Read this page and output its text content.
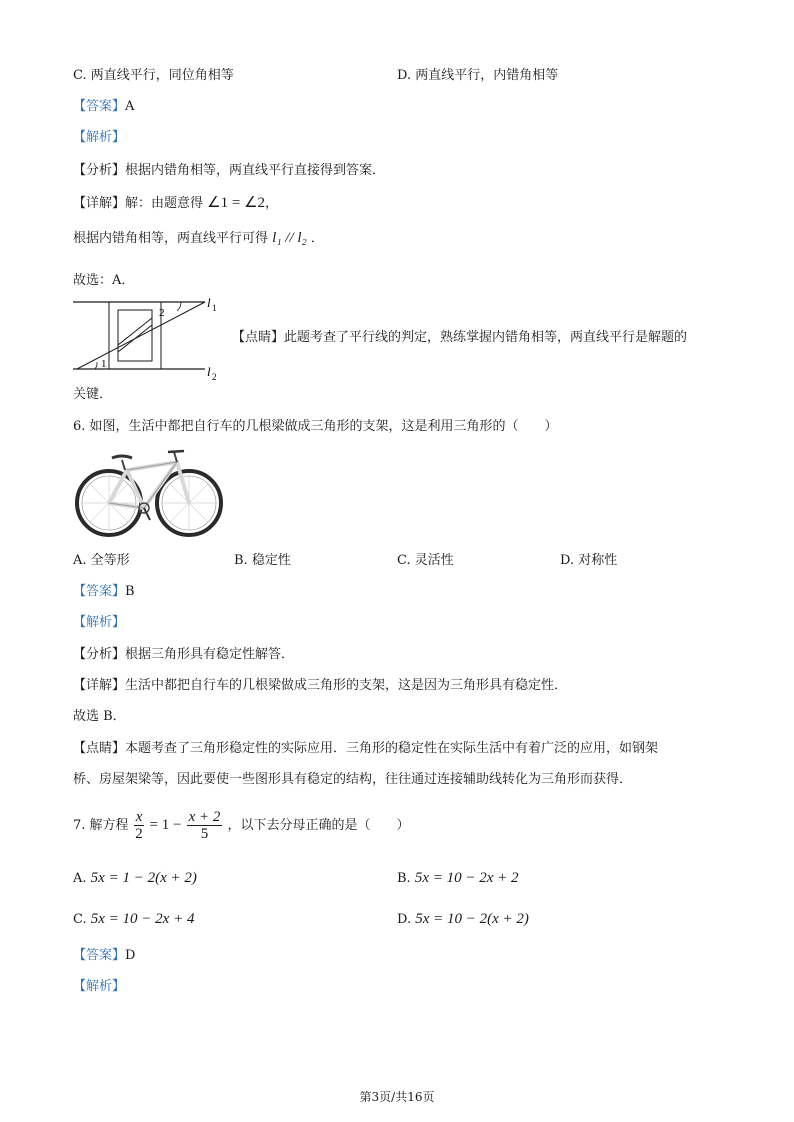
C. 两直线平行，同位角相等	D. 两直线平行，内错角相等
【答案】A
【解析】
【分析】根据内错角相等，两直线平行直接得到答案．
【详解】解：由题意得 ∠1 = ∠2，
根据内错角相等，两直线平行可得 l₁ // l₂ ．
故选：A．
2
1
l 1
l 2
【点睛】此题考查了平行线的判定，熟练掌握内错角相等，两直线平行是解题的
关键．
6. 如图，生活中都把自行车的几根梁做成三角形的支架，这是利用三角形的（　　）
A. 全等形	B. 稳定性	C. 灵活性	D. 对称性
【答案】B
【解析】
【分析】根据三角形具有稳定性解答．
【详解】生活中都把自行车的几根梁做成三角形的支架，这是因为三角形具有稳定性．
故选 B．
【点睛】本题考查了三角形稳定性的实际应用．三角形的稳定性在实际生活中有着广泛的应用，如钢架
桥、房屋架梁等，因此要使一些图形具有稳定的结构，往往通过连接辅助线转化为三角形而获得．
7. 解方程 $\frac{x}{2} = 1 - \frac{x + 2}{5}$ ，以下去分母正确的是（　　）
A. 5x = 1 − 2(x + 2)	B. 5x = 10 − 2x + 2
C. 5x = 10 − 2x + 4	D. 5x = 10 − 2(x + 2)
【答案】D
【解析】
第3页/共16页
